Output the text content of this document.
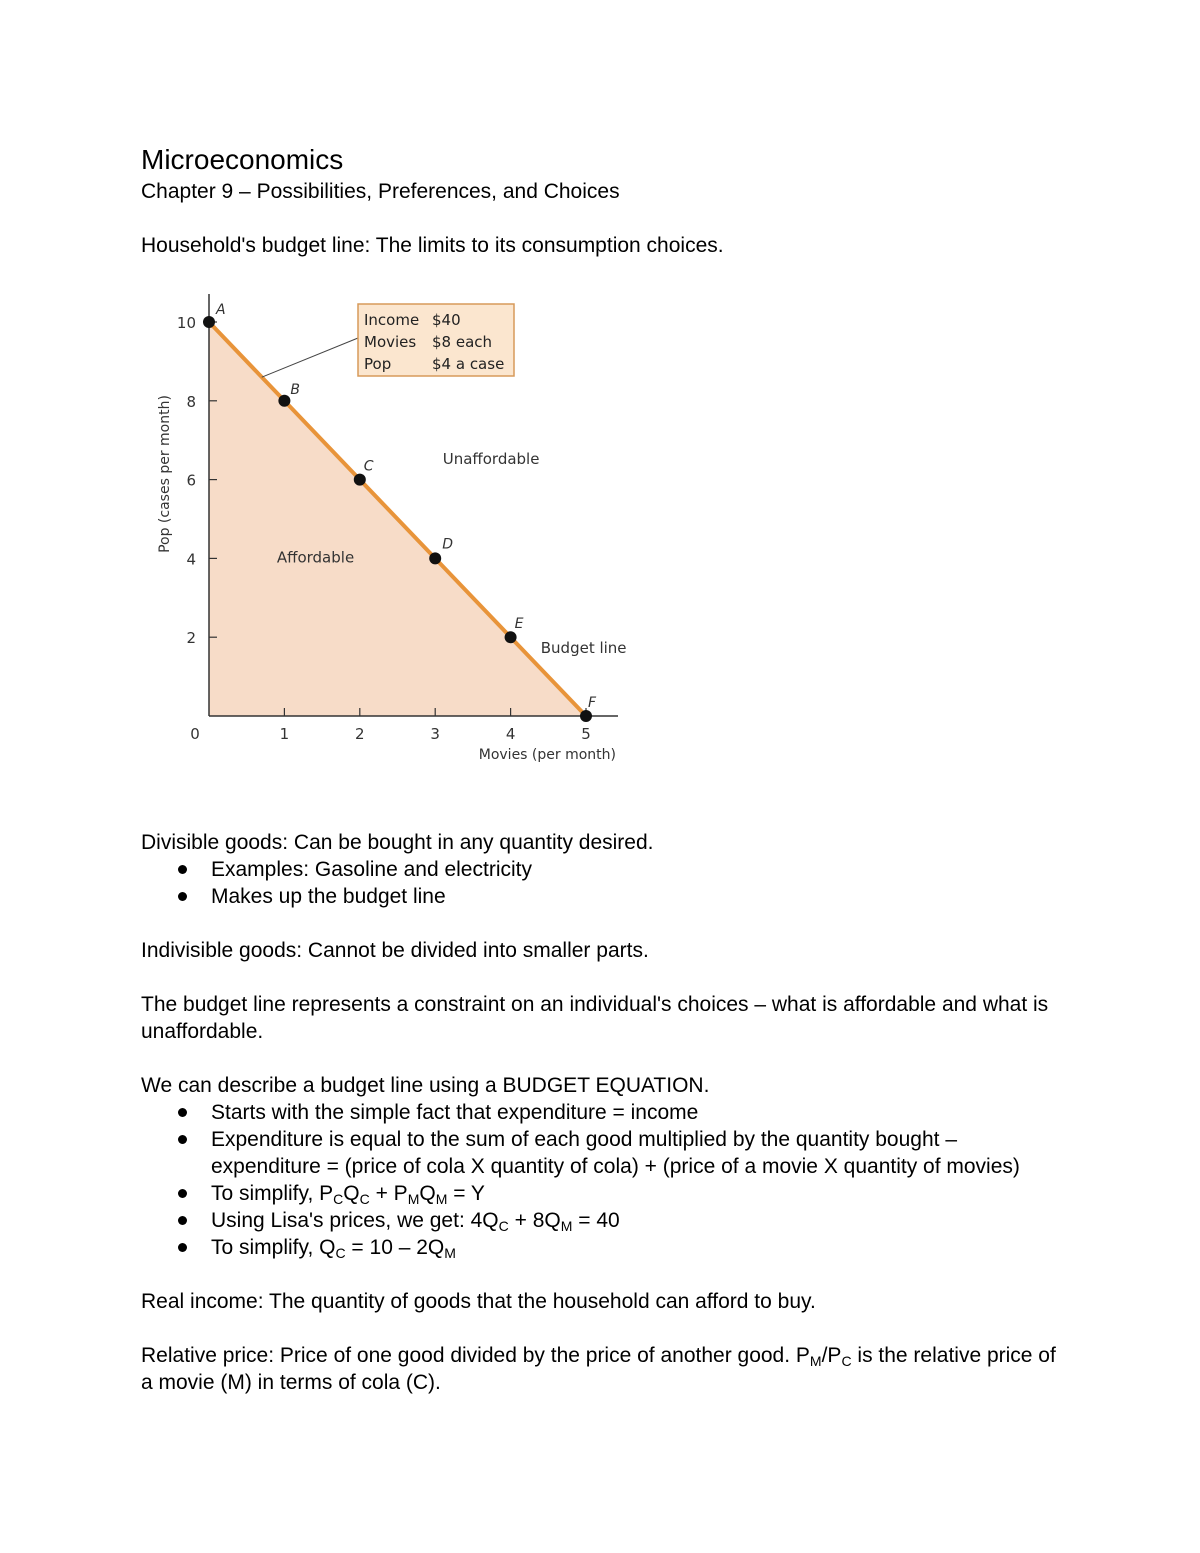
Microeconomics

Chapter 9 – Possibilities, Preferences, and Choices

Household's budget line: The limits to its consumption choices.

2
4
6
8
10
0	1	2	3	4	5
Movies (per month)
Pop (cases per month)
Income $40
Movies $8 each
Pop	$4 a case
A
B
C
D
E
F
Unaffordable
Affordable
Budget line

Divisible goods: Can be bought in any quantity desired.

Examples: Gasoline and electricity
Makes up the budget line

Indivisible goods: Cannot be divided into smaller parts.

The budget line represents a constraint on an individual's choices – what is affordable and what is unaffordable.

We can describe a budget line using a BUDGET EQUATION.

Starts with the simple fact that expenditure = income
Expenditure is equal to the sum of each good multiplied by the quantity bought – expenditure = (price of cola X quantity of cola) + (price of a movie X quantity of movies)
To simplify, $P_CQ_C + P_MQ_M = Y$
Using Lisa's prices, we get: $4Q_C + 8Q_M = 40$
To simplify, $Q_C = 10 - 2Q_M$

Real income: The quantity of goods that the household can afford to buy.

Relative price: Price of one good divided by the price of another good. $P_M/P_C$ is the relative price of a movie (M) in terms of cola (C).
